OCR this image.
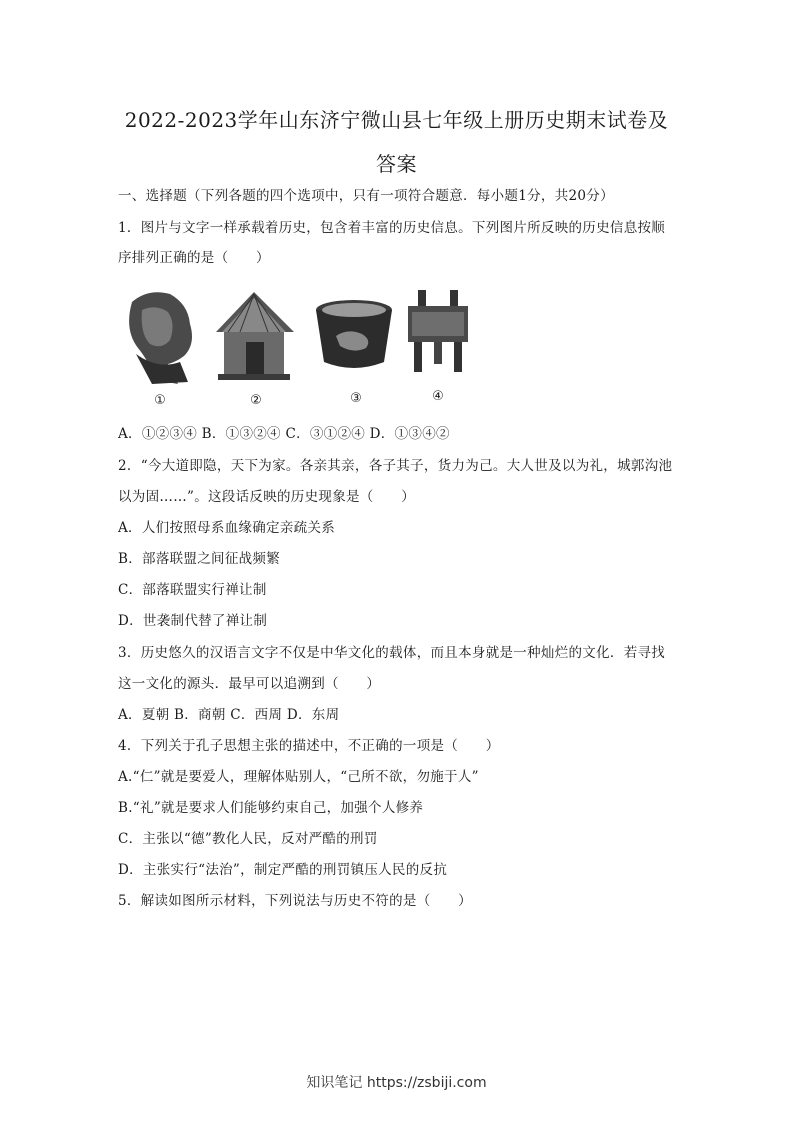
2022-2023学年山东济宁微山县七年级上册历史期末试卷及
答案
一、选择题（下列各题的四个选项中，只有一项符合题意．每小题1分，共20分）
1．图片与文字一样承载着历史，包含着丰富的历史信息。下列图片所反映的历史信息按顺
序排列正确的是（　　）
①	②	③	④
A．①②③④ B．①③②④ C．③①②④ D．①③④②
2．“今大道即隐，天下为家。各亲其亲，各子其子，货力为己。大人世及以为礼，城郭沟池
以为固……”。这段话反映的历史现象是（　　）
A．人们按照母系血缘确定亲疏关系
B．部落联盟之间征战频繁
C．部落联盟实行禅让制
D．世袭制代替了禅让制
3．历史悠久的汉语言文字不仅是中华文化的载体，而且本身就是一种灿烂的文化．若寻找
这一文化的源头．最早可以追溯到（　　）
A．夏朝 B．商朝 C．西周 D．东周
4．下列关于孔子思想主张的描述中，不正确的一项是（　　）
A.“仁”就是要爱人，理解体贴别人，“己所不欲，勿施于人”
B.“礼”就是要求人们能够约束自己，加强个人修养
C．主张以“德”教化人民，反对严酷的刑罚
D．主张实行“法治”，制定严酷的刑罚镇压人民的反抗
5．解读如图所示材料，下列说法与历史不符的是（　　）
知识笔记 https://zsbiji.com
